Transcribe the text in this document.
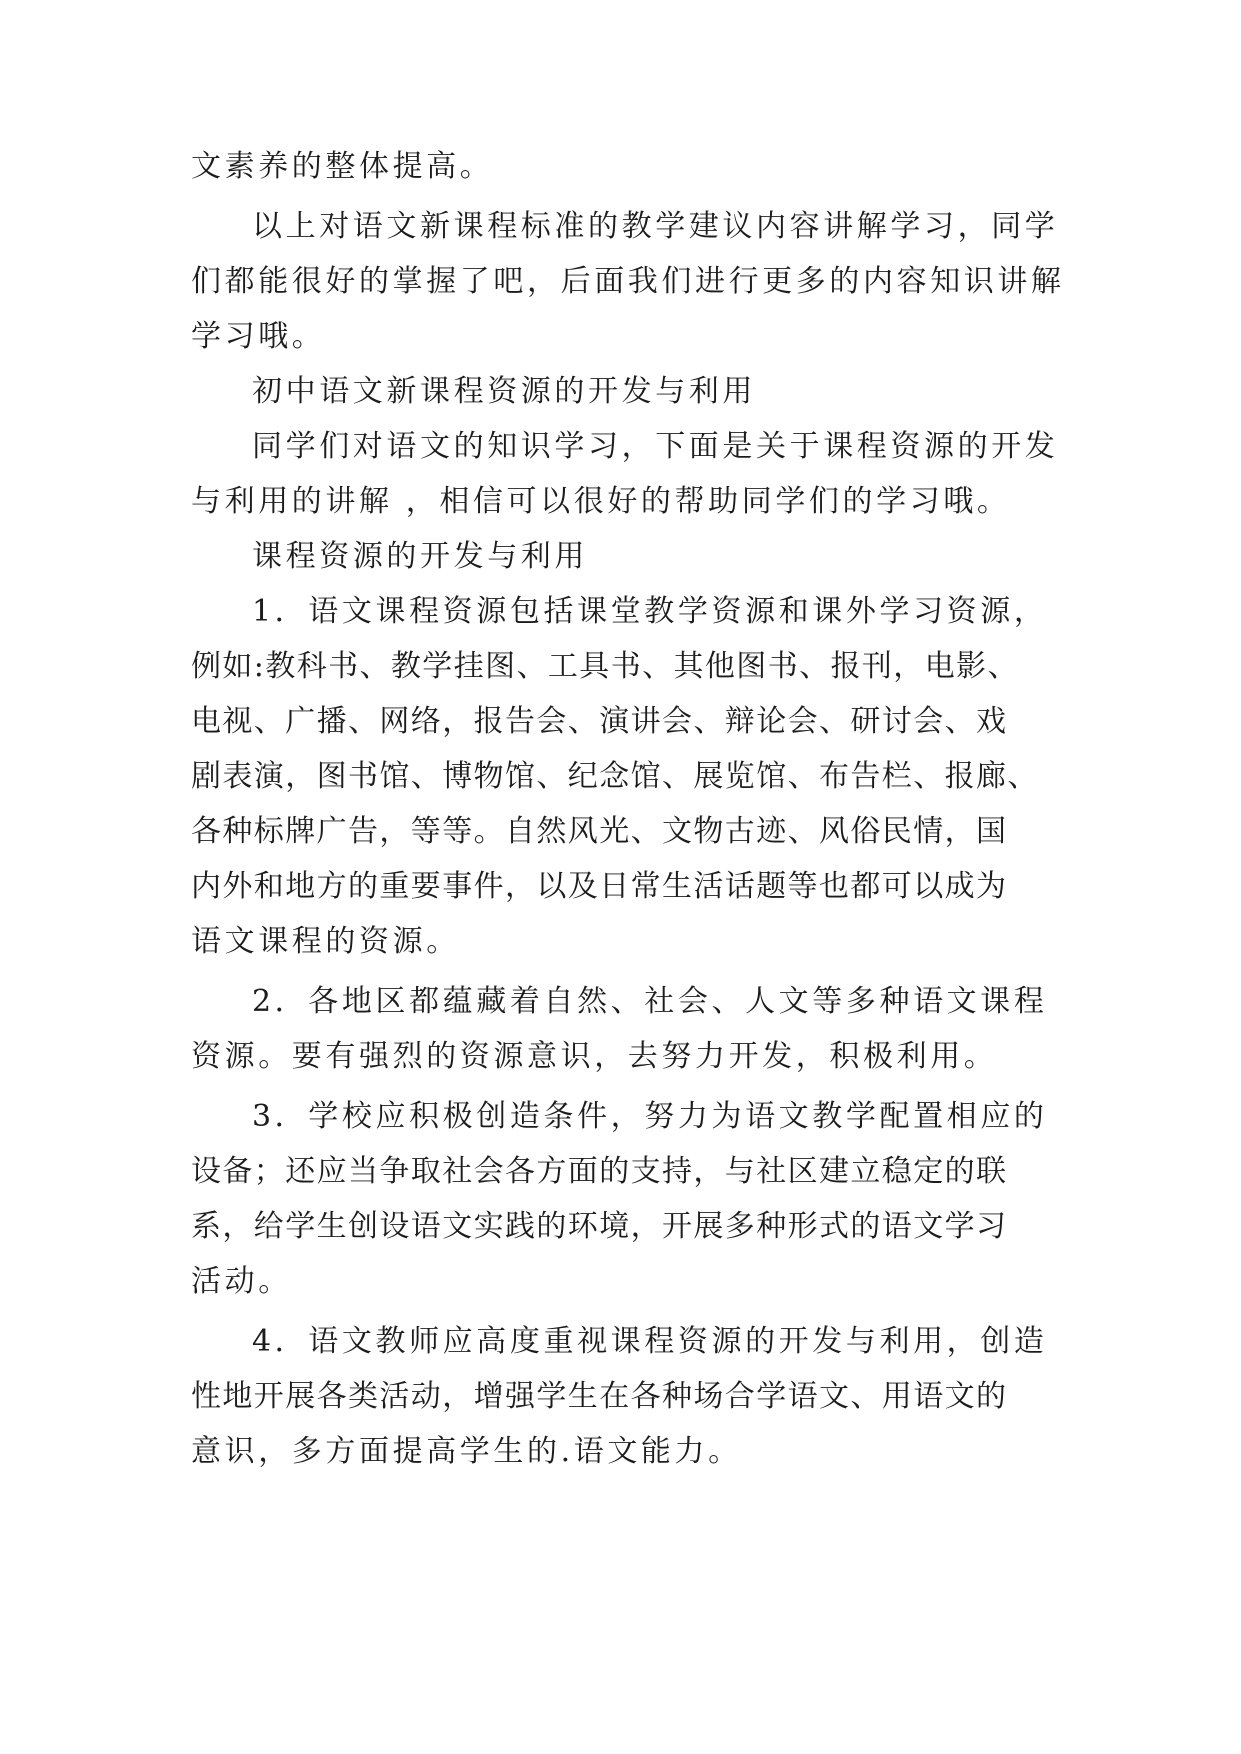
文素养的整体提高。
以上对语文新课程标准的教学建议内容讲解学习，同学
们都能很好的掌握了吧，后面我们进行更多的内容知识讲解
学习哦。
初中语文新课程资源的开发与利用
同学们对语文的知识学习，下面是关于课程资源的开发
与利用的讲解 ，相信可以很好的帮助同学们的学习哦。
课程资源的开发与利用
1．语文课程资源包括课堂教学资源和课外学习资源，
例如:教科书、教学挂图、工具书、其他图书、报刊，电影、
电视、广播、网络，报告会、演讲会、辩论会、研讨会、戏
剧表演，图书馆、博物馆、纪念馆、展览馆、布告栏、报廊、
各种标牌广告，等等。自然风光、文物古迹、风俗民情，国
内外和地方的重要事件，以及日常生活话题等也都可以成为
语文课程的资源。
2．各地区都蕴藏着自然、社会、人文等多种语文课程
资源。要有强烈的资源意识，去努力开发，积极利用。
3．学校应积极创造条件，努力为语文教学配置相应的
设备；还应当争取社会各方面的支持，与社区建立稳定的联
系，给学生创设语文实践的环境，开展多种形式的语文学习
活动。
4．语文教师应高度重视课程资源的开发与利用，创造
性地开展各类活动，增强学生在各种场合学语文、用语文的
意识，多方面提高学生的.语文能力。
